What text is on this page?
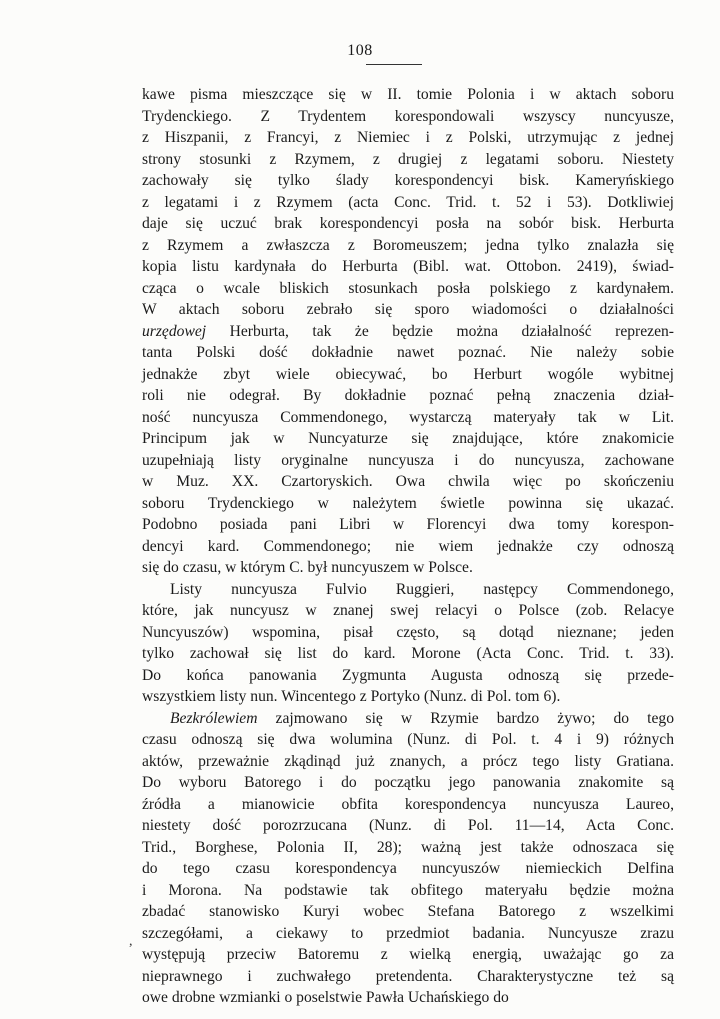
108
kawe pisma mieszczące się w II. tomie Polonia i w aktach soboru
Trydenckiego. Z Trydentem korespondowali wszyscy nuncyusze,
z Hiszpanii, z Francyi, z Niemiec i z Polski, utrzymując z jednej
strony stosunki z Rzymem, z drugiej z legatami soboru. Niestety
zachowały się tylko ślady korespondencyi bisk. Kameryńskiego
z legatami i z Rzymem (acta Conc. Trid. t. 52 i 53). Dotkliwiej
daje się uczuć brak korespondencyi posła na sobór bisk. Herburta
z Rzymem a zwłaszcza z Boromeuszem; jedna tylko znalazła się
kopia listu kardynała do Herburta (Bibl. wat. Ottobon. 2419), świad-
cząca o wcale bliskich stosunkach posła polskiego z kardynałem.
W aktach soboru zebrało się sporo wiadomości o działalności
urzędowej Herburta, tak że będzie można działalność reprezen-
tanta Polski dość dokładnie nawet poznać. Nie należy sobie
jednakże zbyt wiele obiecywać, bo Herburt wogóle wybitnej
roli nie odegrał. By dokładnie poznać pełną znaczenia dział-
ność nuncyusza Commendonego, wystarczą materyały tak w Lit.
Principum jak w Nuncyaturze się znajdujące, które znakomicie
uzupełniają listy oryginalne nuncyusza i do nuncyusza, zachowane
w Muz. XX. Czartoryskich. Owa chwila więc po skończeniu
soboru Trydenckiego w należytem świetle powinna się ukazać.
Podobno posiada pani Libri w Florencyi dwa tomy korespon-
dencyi kard. Commendonego; nie wiem jednakże czy odnoszą
się do czasu, w którym C. był nuncyuszem w Polsce.
Listy nuncyusza Fulvio Ruggieri, następcy Commendonego,
które, jak nuncyusz w znanej swej relacyi o Polsce (zob. Relacye
Nuncyuszów) wspomina, pisał często, są dotąd nieznane; jeden
tylko zachował się list do kard. Morone (Acta Conc. Trid. t. 33).
Do końca panowania Zygmunta Augusta odnoszą się przede-
wszystkiem listy nun. Wincentego z Portyko (Nunz. di Pol. tom 6).
Bezkrólewiem zajmowano się w Rzymie bardzo żywo; do tego
czasu odnoszą się dwa wolumina (Nunz. di Pol. t. 4 i 9) różnych
aktów, przeważnie zkądinąd już znanych, a prócz tego listy Gratiana.
Do wyboru Batorego i do początku jego panowania znakomite są
źródła a mianowicie obfita korespondencya nuncyusza Laureo,
niestety dość porozrzucana (Nunz. di Pol. 11—14, Acta Conc.
Trid., Borghese, Polonia II, 28); ważną jest także odnoszaca się
do tego czasu korespondencya nuncyuszów niemieckich Delfina
i Morona. Na podstawie tak obfitego materyału będzie można
zbadać stanowisko Kuryi wobec Stefana Batorego z wszelkimi
szczegółami, a ciekawy to przedmiot badania. Nuncyusze zrazu
występują przeciw Batoremu z wielką energią, uważając go za
nieprawnego i zuchwałego pretendenta. Charakterystyczne też są
owe drobne wzmianki o poselstwie Pawła Uchańskiego do
,
